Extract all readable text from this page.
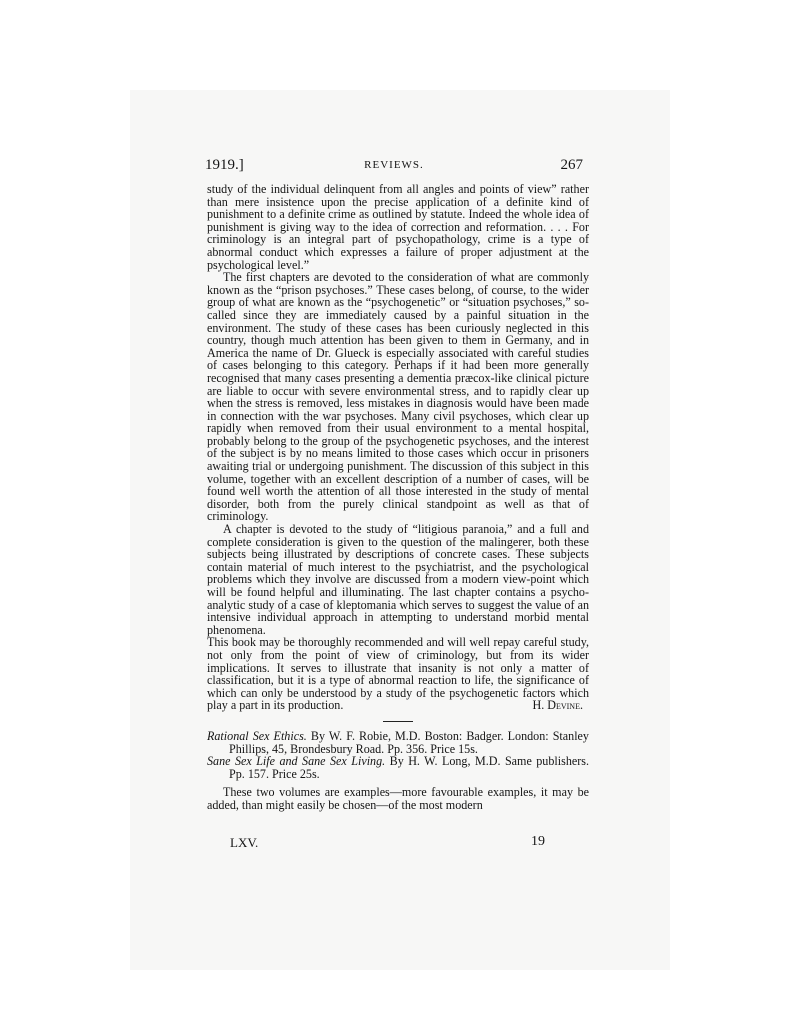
1919.]	REVIEWS.	267

study of the individual delinquent from all angles and points of view” rather than mere insistence upon the precise application of a definite kind of punishment to a definite crime as outlined by statute. Indeed the whole idea of punishment is giving way to the idea of correction and reformation. . . . For criminology is an integral part of psychopathology, crime is a type of abnormal conduct which expresses a failure of proper adjustment at the psychological level.”

The first chapters are devoted to the consideration of what are commonly known as the “prison psychoses.” These cases belong, of course, to the wider group of what are known as the “psychogenetic” or “situation psychoses,” so-called since they are immediately caused by a painful situation in the environment. The study of these cases has been curiously neglected in this country, though much attention has been given to them in Germany, and in America the name of Dr. Glueck is especially associated with careful studies of cases belonging to this category. Perhaps if it had been more generally recognised that many cases presenting a dementia præcox-like clinical picture are liable to occur with severe environmental stress, and to rapidly clear up when the stress is removed, less mistakes in diagnosis would have been made in connection with the war psychoses. Many civil psychoses, which clear up rapidly when removed from their usual environment to a mental hospital, probably belong to the group of the psychogenetic psychoses, and the interest of the subject is by no means limited to those cases which occur in prisoners awaiting trial or undergoing punishment. The discussion of this subject in this volume, together with an excellent description of a number of cases, will be found well worth the attention of all those interested in the study of mental disorder, both from the purely clinical standpoint as well as that of criminology.

A chapter is devoted to the study of “litigious paranoia,” and a full and complete consideration is given to the question of the malingerer, both these subjects being illustrated by descriptions of concrete cases. These subjects contain material of much interest to the psychiatrist, and the psychological problems which they involve are discussed from a modern view-point which will be found helpful and illuminating. The last chapter contains a psycho-analytic study of a case of kleptomania which serves to suggest the value of an intensive individual approach in attempting to understand morbid mental phenomena.

This book may be thoroughly recommended and will well repay careful study, not only from the point of view of criminology, but from its wider implications. It serves to illustrate that insanity is not only a matter of classification, but it is a type of abnormal reaction to life, the significance of which can only be understood by a study of the psychogenetic factors which play a part in its production.	H. Devine.

Rational Sex Ethics. By W. F. Robie, M.D. Boston: Badger. London: Stanley Phillips, 45, Brondesbury Road. Pp. 356. Price 15s.

Sane Sex Life and Sane Sex Living. By H. W. Long, M.D. Same publishers. Pp. 157. Price 25s.

These two volumes are examples—more favourable examples, it may be added, than might easily be chosen—of the most modern

LXV.	19
